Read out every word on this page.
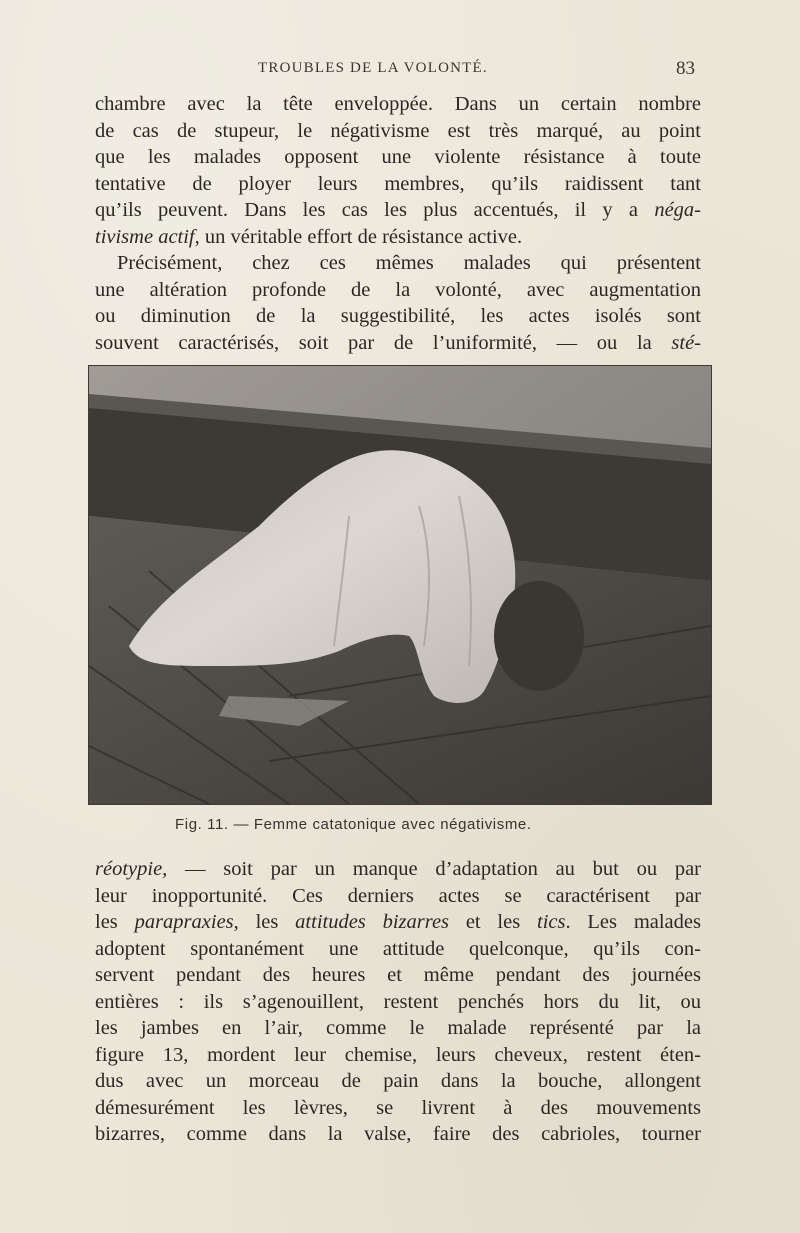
TROUBLES DE LA VOLONTÉ.	83
chambre avec la tête enveloppée. Dans un certain nombre
de cas de stupeur, le négativisme est très marqué, au point
que les malades opposent une violente résistance à toute
tentative de ployer leurs membres, qu’ils raidissent tant
qu’ils peuvent. Dans les cas les plus accentués, il y a néga-
tivisme actif, un véritable effort de résistance active.
Précisément, chez ces mêmes malades qui présentent
une altération profonde de la volonté, avec augmentation
ou diminution de la suggestibilité, les actes isolés sont
souvent caractérisés, soit par de l’uniformité, — ou la sté-
Fig. 11. — Femme catatonique avec négativisme.
réotypie, — soit par un manque d’adaptation au but ou par
leur inopportunité. Ces derniers actes se caractérisent par
les parapraxies, les attitudes bizarres et les tics. Les malades
adoptent spontanément une attitude quelconque, qu’ils con-
servent pendant des heures et même pendant des journées
entières : ils s’agenouillent, restent penchés hors du lit, ou
les jambes en l’air, comme le malade représenté par la
figure 13, mordent leur chemise, leurs cheveux, restent éten-
dus avec un morceau de pain dans la bouche, allongent
démesurément les lèvres, se livrent à des mouvements
bizarres, comme dans la valse, faire des cabrioles, tourner
